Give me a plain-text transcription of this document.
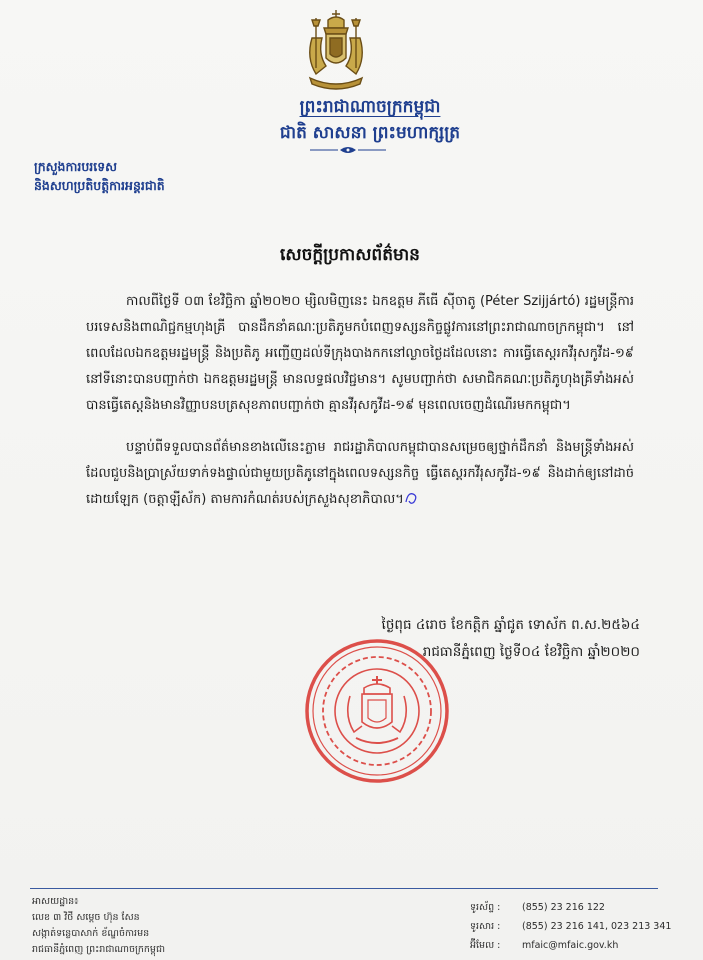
ព្រះរាជាណាចក្រកម្ពុជា
ជាតិ សាសនា ព្រះមហាក្សត្រ
ក្រសួងការបរទេស
និងសហប្រតិបត្តិការអន្តរជាតិ
សេចក្តីប្រកាសព័ត៌មាន

កាលពីថ្ងៃទី ០៣ ខែវិច្ឆិកា ឆ្នាំ២០២០ ម្សិលមិញនេះ ឯកឧត្តម ភីធើ ស៊ីចាតូ (Péter Szijjártó) រដ្ឋមន្រ្តីការបរទេសនិងពាណិជ្ជកម្មហុងគ្រី បានដឹកនាំគណៈប្រតិភូមកបំពេញទស្សនកិច្ចផ្លូវការនៅព្រះរាជាណាចក្រកម្ពុជា។ នៅពេលដែលឯកឧត្តមរដ្ឋមន្រ្តី និងប្រតិភូ អញ្ជើញដល់ទីក្រុងបាងកកនៅល្ងាចថ្ងៃដដែលនោះ ការធ្វើតេស្តរកវីរុសកូវីដ-១៩ នៅទីនោះបានបញ្ជាក់ថា ឯកឧត្តមរដ្ឋមន្រ្តី មានលទ្ធផលវិជ្ជមាន។ សូមបញ្ជាក់ថា សមាជិកគណៈប្រតិភូហុងគ្រីទាំងអស់បានធ្វើតេស្តនិងមានវិញ្ញាបនបត្រសុខភាពបញ្ជាក់ថា គ្មានវីរុសកូវីដ-១៩ មុនពេលចេញដំណើរមកកម្ពុជា។

បន្ទាប់ពីទទួលបានព័ត៌មានខាងលើនេះភ្លាម រាជរដ្ឋាភិបាលកម្ពុជាបានសម្រេចឲ្យថ្នាក់ដឹកនាំ និងមន្រ្តីទាំងអស់ដែលជួបនិងប្រាស្រ័យទាក់ទងផ្ទាល់ជាមួយប្រតិភូនៅក្នុងពេលទស្សនកិច្ច ធ្វើតេស្តរកវីរុសកូវីដ-១៩ និងដាក់ឲ្យនៅដាច់ដោយឡែក (ចត្តាឡីស័ក) តាមការកំណត់របស់ក្រសួងសុខាភិបាល។

ថ្ងៃពុធ ៤រោច ខែកត្តិក ឆ្នាំជូត ទោស័ក ព.ស.២៥៦៤
រាជធានីភ្នំពេញ ថ្ងៃទី០៤ ខែវិច្ឆិកា ឆ្នាំ២០២០
អាសយដ្ឋាន៖
លេខ ៣ វិថី សម្តេច ហ៊ុន សែន
សង្កាត់ទន្លេបាសាក់ ខ័ណ្ឌចំការមន
រាជធានីភ្នំពេញ ព្រះរាជាណាចក្រកម្ពុជា
ទូរស័ព្ទ :	(855) 23 216 122
ទូរសារ :	(855) 23 216 141, 023 213 341
អ៊ីមែល :	mfaic@mfaic.gov.kh
